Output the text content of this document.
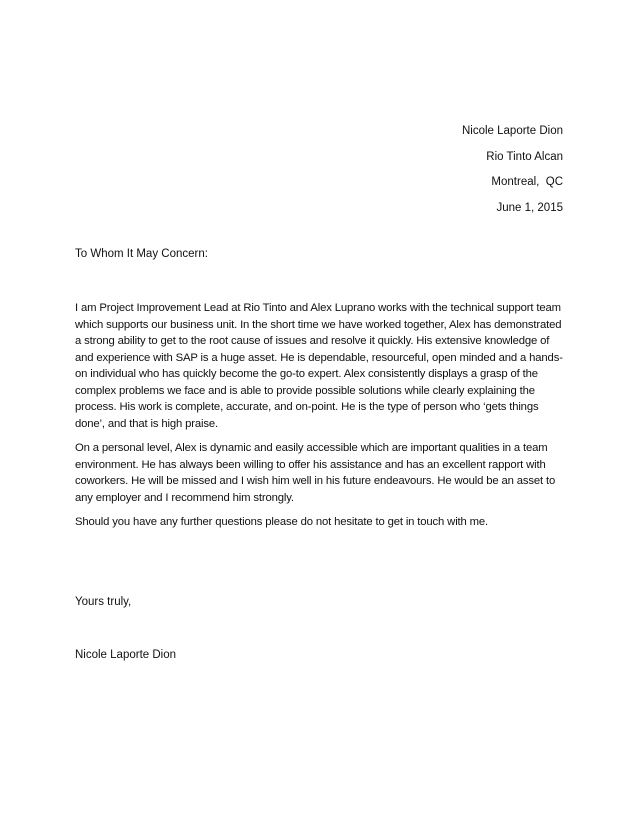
Nicole Laporte Dion
Rio Tinto Alcan
Montreal,  QC
June 1, 2015
To Whom It May Concern:

I am Project Improvement Lead at Rio Tinto and Alex Luprano works with the technical support team which supports our business unit. In the short time we have worked together, Alex has demonstrated a strong ability to get to the root cause of issues and resolve it quickly. His extensive knowledge of and experience with SAP is a huge asset. He is dependable, resourceful, open minded and a hands-on individual who has quickly become the go-to expert. Alex consistently displays a grasp of the complex problems we face and is able to provide possible solutions while clearly explaining the process. His work is complete, accurate, and on-point. He is the type of person who ‘gets things done’, and that is high praise.

On a personal level, Alex is dynamic and easily accessible which are important qualities in a team environment. He has always been willing to offer his assistance and has an excellent rapport with coworkers. He will be missed and I wish him well in his future endeavours. He would be an asset to any employer and I recommend him strongly.

Should you have any further questions please do not hesitate to get in touch with me.

Yours truly,
Nicole Laporte Dion
